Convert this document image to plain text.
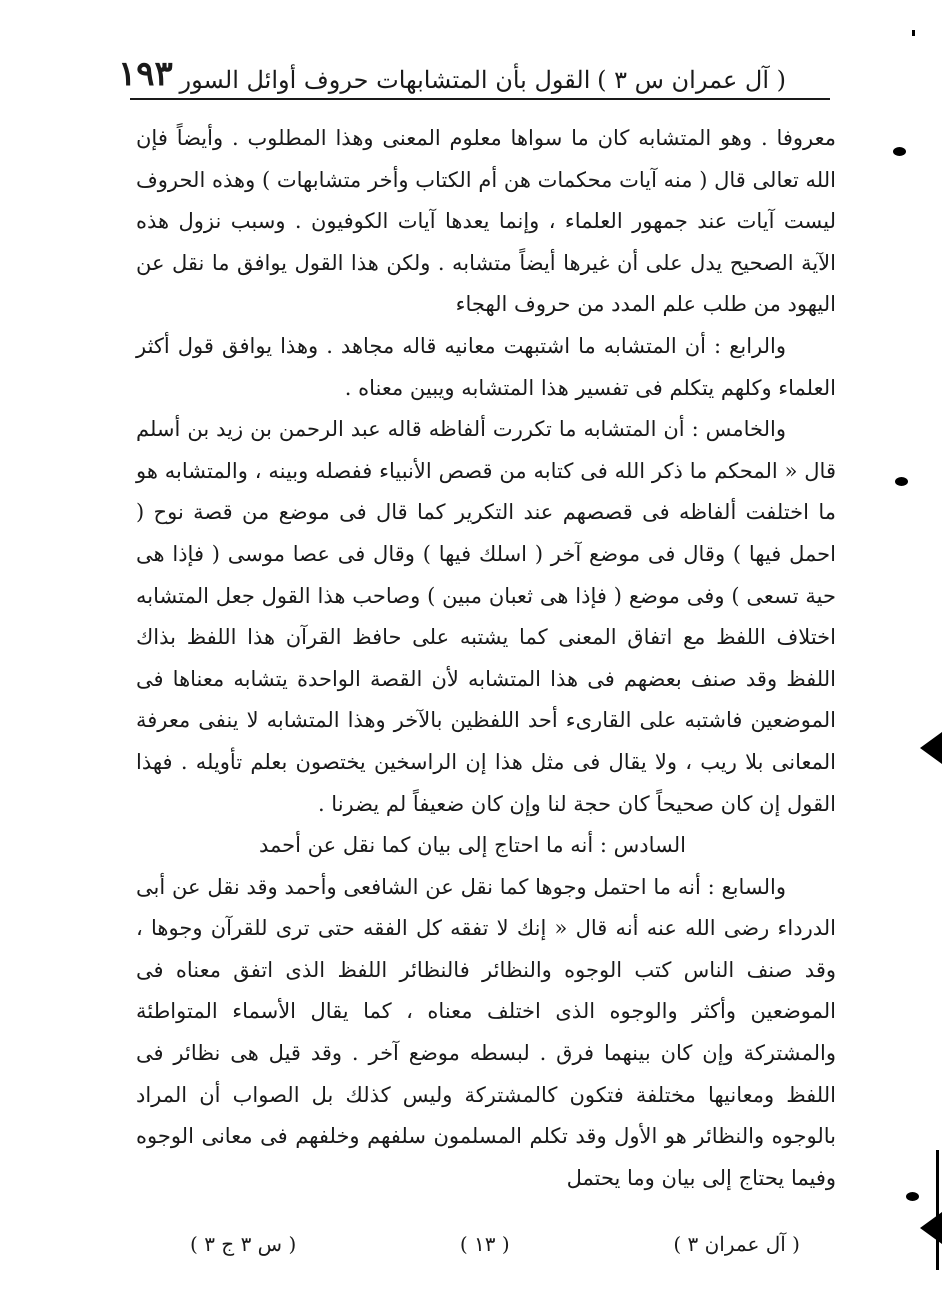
( آل عمران س ٣ )
القول بأن المتشابهات حروف أوائل السور
١٩٣

معروفا . وهو المتشابه كان ما سواها معلوم المعنى وهذا المطلوب . وأيضاً فإن الله تعالى قال ( منه آيات محكمات هن أم الكتاب وأخر متشابهات ) وهذه الحروف ليست آيات عند جمهور العلماء ، وإنما يعدها آيات الكوفيون . وسبب نزول هذه الآية الصحيح يدل على أن غيرها أيضاً متشابه . ولكن هذا القول يوافق ما نقل عن اليهود من طلب علم المدد من حروف الهجاء

والرابع : أن المتشابه ما اشتبهت معانيه قاله مجاهد . وهذا يوافق قول أكثر العلماء وكلهم يتكلم فى تفسير هذا المتشابه ويبين معناه .

والخامس : أن المتشابه ما تكررت ألفاظه قاله عبد الرحمن بن زيد بن أسلم قال « المحكم ما ذكر الله فى كتابه من قصص الأنبياء ففصله وبينه ، والمتشابه هو ما اختلفت ألفاظه فى قصصهم عند التكرير كما قال فى موضع من قصة نوح ( احمل فيها ) وقال فى موضع آخر ( اسلك فيها ) وقال فى عصا موسى ( فإذا هى حية تسعى ) وفى موضع ( فإذا هى ثعبان مبين ) وصاحب هذا القول جعل المتشابه اختلاف اللفظ مع اتفاق المعنى كما يشتبه على حافظ القرآن هذا اللفظ بذاك اللفظ وقد صنف بعضهم فى هذا المتشابه لأن القصة الواحدة يتشابه معناها فى الموضعين فاشتبه على القارىء أحد اللفظين بالآخر وهذا المتشابه لا ينفى معرفة المعانى بلا ريب ، ولا يقال فى مثل هذا إن الراسخين يختصون بعلم تأويله . فهذا القول إن كان صحيحاً كان حجة لنا وإن كان ضعيفاً لم يضرنا .

السادس : أنه ما احتاج إلى بيان كما نقل عن أحمد

والسابع : أنه ما احتمل وجوها كما نقل عن الشافعى وأحمد وقد نقل عن أبى الدرداء رضى الله عنه أنه قال « إنك لا تفقه كل الفقه حتى ترى للقرآن وجوها ، وقد صنف الناس كتب الوجوه والنظائر فالنظائر اللفظ الذى اتفق معناه فى الموضعين وأكثر والوجوه الذى اختلف معناه ، كما يقال الأسماء المتواطئة والمشتركة وإن كان بينهما فرق . لبسطه موضع آخر . وقد قيل هى نظائر فى اللفظ ومعانيها مختلفة فتكون كالمشتركة وليس كذلك بل الصواب أن المراد بالوجوه والنظائر هو الأول وقد تكلم المسلمون سلفهم وخلفهم فى معانى الوجوه وفيما يحتاج إلى بيان وما يحتمل

( آل عمران ٣ )
( ١٣ )
( س ٣ ج ٣ )
